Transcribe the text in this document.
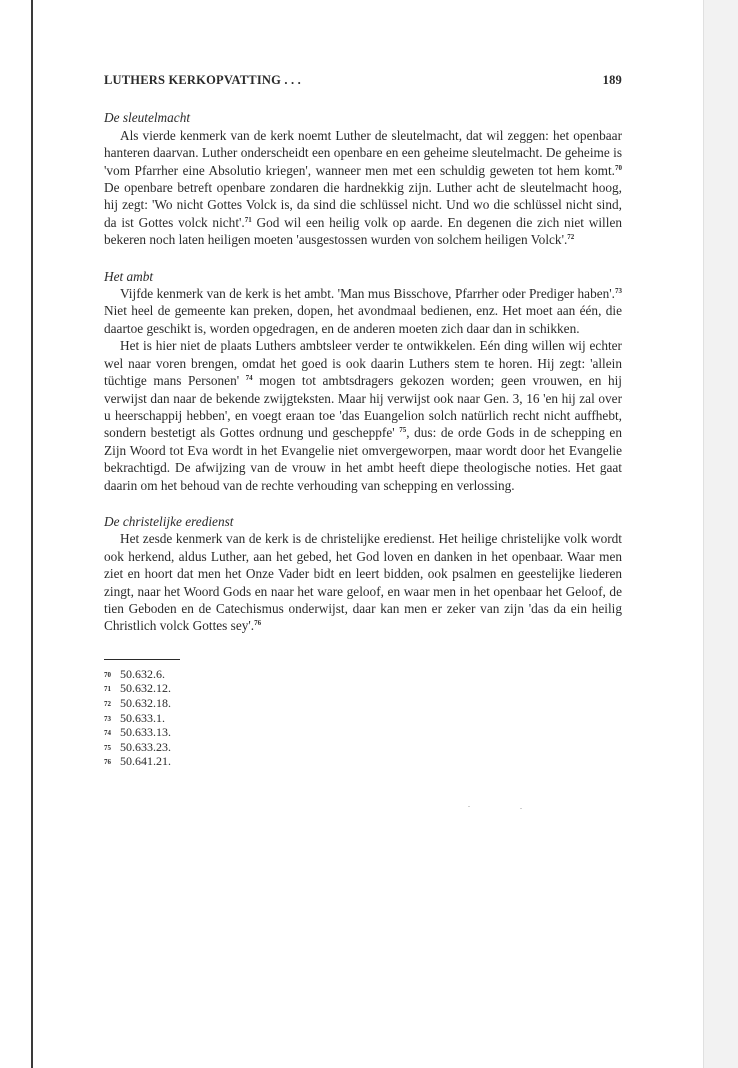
LUTHERS KERKOPVATTING . . .	189

De sleutelmacht

Als vierde kenmerk van de kerk noemt Luther de sleutelmacht, dat wil zeggen: het openbaar hanteren daarvan. Luther onderscheidt een openbare en een geheime sleutelmacht. De geheime is 'vom Pfarrher eine Absolutio kriegen', wanneer men met een schuldig geweten tot hem komt.$^{70}$ De openbare betreft openbare zondaren die hardnekkig zijn. Luther acht de sleutelmacht hoog, hij zegt: 'Wo nicht Gottes Volck is, da sind die schlüssel nicht. Und wo die schlüssel nicht sind, da ist Gottes volck nicht'.$^{71}$ God wil een heilig volk op aarde. En degenen die zich niet willen bekeren noch laten heiligen moeten 'ausgestossen wurden von solchem heiligen Volck'.$^{72}$

Het ambt

Vijfde kenmerk van de kerk is het ambt. 'Man mus Bisschove, Pfarrher oder Prediger haben'.$^{73}$ Niet heel de gemeente kan preken, dopen, het avondmaal bedienen, enz. Het moet aan één, die daartoe geschikt is, worden opgedragen, en de anderen moeten zich daar dan in schikken.

Het is hier niet de plaats Luthers ambtsleer verder te ontwikkelen. Eén ding willen wij echter wel naar voren brengen, omdat het goed is ook daarin Luthers stem te horen. Hij zegt: 'allein tüchtige mans Personen' $^{74}$ mogen tot ambtsdragers gekozen worden; geen vrouwen, en hij verwijst dan naar de bekende zwijgteksten. Maar hij verwijst ook naar Gen. 3, 16 'en hij zal over u heerschappij hebben', en voegt eraan toe 'das Euangelion solch natürlich recht nicht auffhebt, sondern bestetigt als Gottes ordnung und gescheppfe' $^{75}$, dus: de orde Gods in de schepping en Zijn Woord tot Eva wordt in het Evangelie niet omvergeworpen, maar wordt door het Evangelie bekrachtigd. De afwijzing van de vrouw in het ambt heeft diepe theologische noties. Het gaat daarin om het behoud van de rechte verhouding van schepping en verlossing.

De christelijke eredienst

Het zesde kenmerk van de kerk is de christelijke eredienst. Het heilige christelijke volk wordt ook herkend, aldus Luther, aan het gebed, het God loven en danken in het openbaar. Waar men ziet en hoort dat men het Onze Vader bidt en leert bidden, ook psalmen en geestelijke liederen zingt, naar het Woord Gods en naar het ware geloof, en waar men in het openbaar het Geloof, de tien Geboden en de Catechismus onderwijst, daar kan men er zeker van zijn 'das da ein heilig Christlich volck Gottes sey'.$^{76}$

70 50.632.6.
71 50.632.12.
72 50.632.18.
73 50.633.1.
74 50.633.13.
75 50.633.23.
76 50.641.21.
